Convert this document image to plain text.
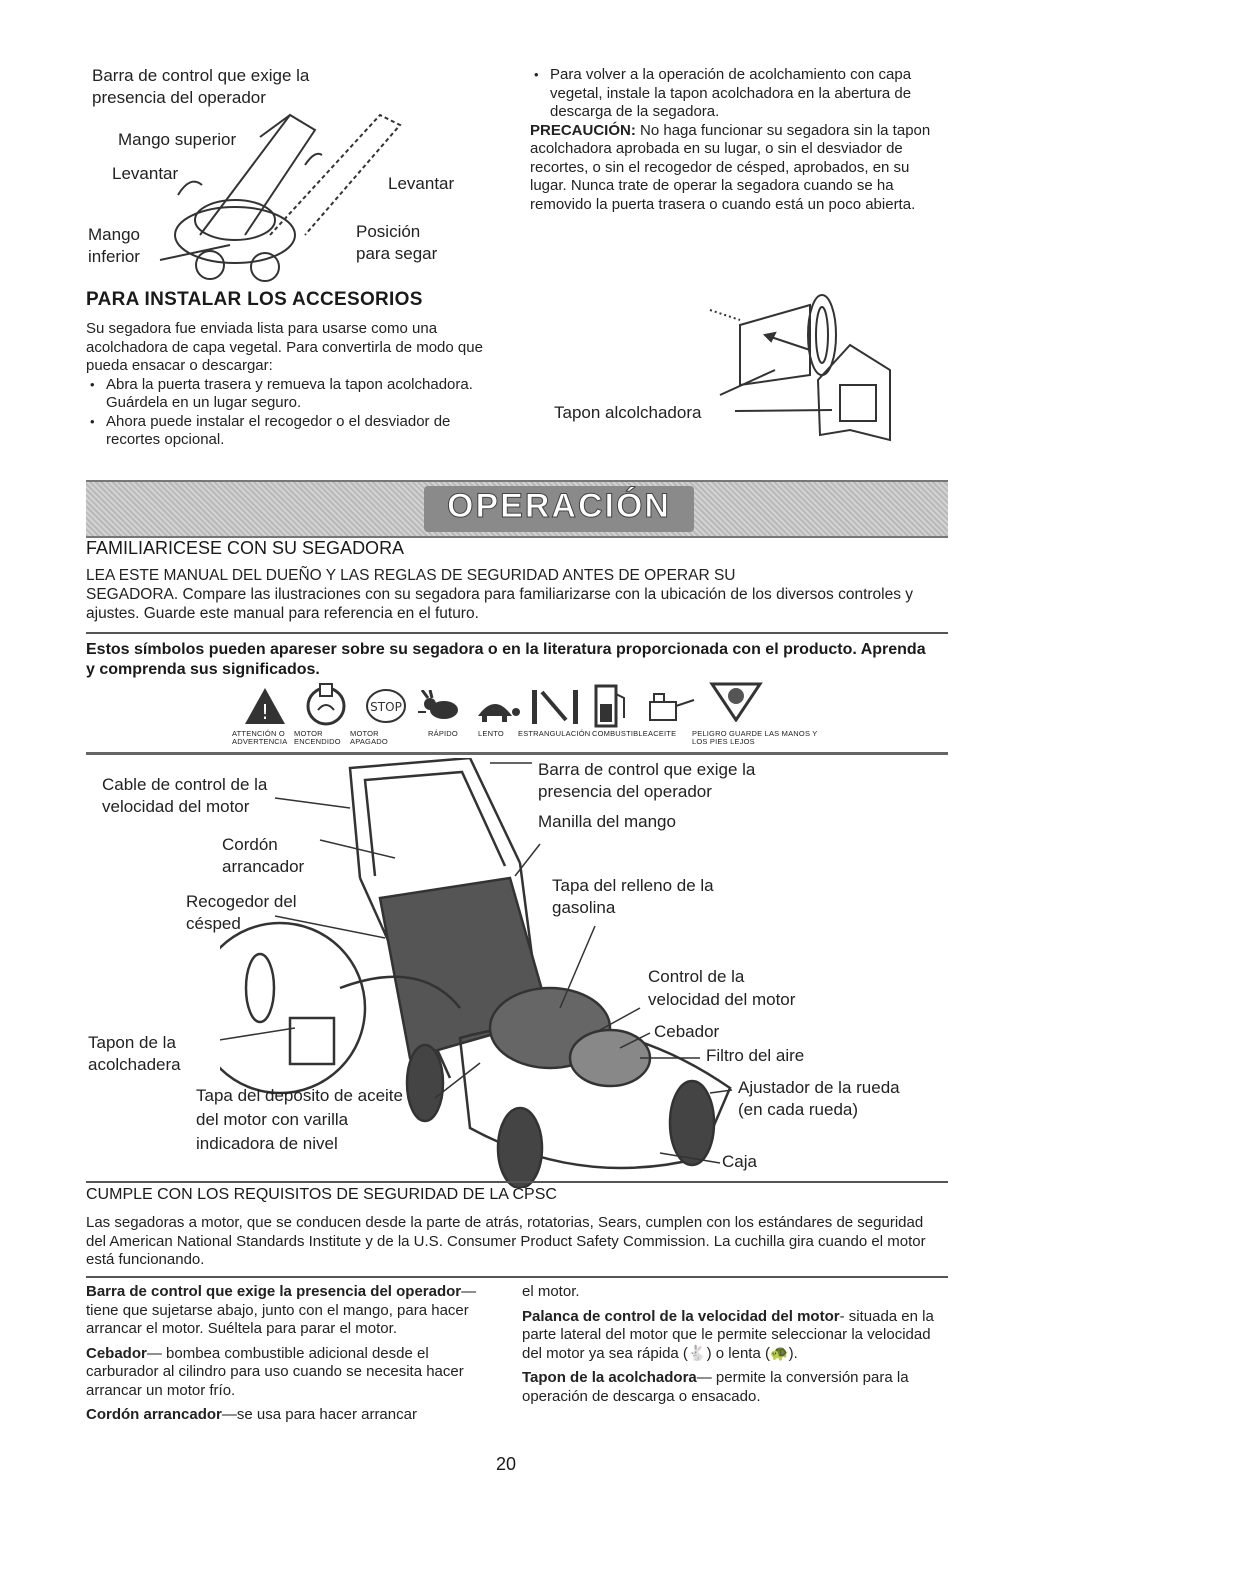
Barra de control que exige la
presencia del operador
Mango superior
Levantar
Levantar
Mango
inferior
Posición
para segar
PARA INSTALAR LOS ACCESORIOS

Su segadora fue enviada lista para usarse como una acolchadora de capa vegetal. Para convertirla de modo que pueda ensacar o descargar:

• Abra la puerta trasera y remueva la tapon acolchadora. Guárdela en un lugar seguro.

• Ahora puede instalar el recogedor o el desviador de recortes opcional.

• Para volver a la operación de acolchamiento con capa vegetal, instale la tapon acolchadora en la abertura de descarga de la segadora.

PRECAUCIÓN: No haga funcionar su segadora sin la tapon acolchadora aprobada en su lugar, o sin el desviador de recortes, o sin el recogedor de césped, aprobados, en su lugar. Nunca trate de operar la segadora cuando se ha removido la puerta trasera o cuando está un poco abierta.

Tapon alcolchadora
OPERACIÓN
FAMILIARICESE CON SU SEGADORA

LEA ESTE MANUAL DEL DUEÑO Y LAS REGLAS DE SEGURIDAD ANTES DE OPERAR SU

SEGADORA. Compare las ilustraciones con su segadora para familiarizarse con la ubicación de los diversos controles y ajustes. Guarde este manual para referencia en el futuro.

Estos símbolos pueden apareser sobre su segadora o en la literatura proporcionada con el producto. Aprenda y comprenda sus significados.
!	STOP
ATTENCIÓN O ADVERTENCIA
MOTOR ENCENDIDO
MOTOR APAGADO
RÁPIDO	LENTO	ESTRANGULACIÓN COMBUSTIBLE ACEITE	PELIGRO GUARDE LAS MANOS Y LOS PIES LEJOS
Cable de control de la
velocidad del motor
Cordón
arrancador
Recogedor del
césped
Tapon de la
acolchadera
Tapa del deposito de aceite
del motor con varilla
indicadora de nivel
Barra de control que exige la
presencia del operador
Manilla del mango
Tapa del relleno de la
gasolina
Control de la
velocidad del motor
Cebador
Filtro del aire
Ajustador de la rueda
(en cada rueda)
Caja
CUMPLE CON LOS REQUISITOS DE SEGURIDAD DE LA CPSC
Las segadoras a motor, que se conducen desde la parte de atrás, rotatorias, Sears, cumplen con los estándares de seguridad del American National Standards Institute y de la U.S. Consumer Product Safety Commission. La cuchilla gira cuando el motor está funcionando.

Barra de control que exige la presencia del operador— tiene que sujetarse abajo, junto con el mango, para hacer arrancar el motor. Suéltela para parar el motor.

Cebador— bombea combustible adicional desde el carburador al cilindro para uso cuando se necesita hacer arrancar un motor frío.

Cordón arrancador—se usa para hacer arrancar

el motor.

Palanca de control de la velocidad del motor- situada en la parte lateral del motor que le permite seleccionar la velocidad del motor ya sea rápida (🐇) o lenta (🐢).

Tapon de la acolchadora— permite la conversión para la operación de descarga o ensacado.

20
